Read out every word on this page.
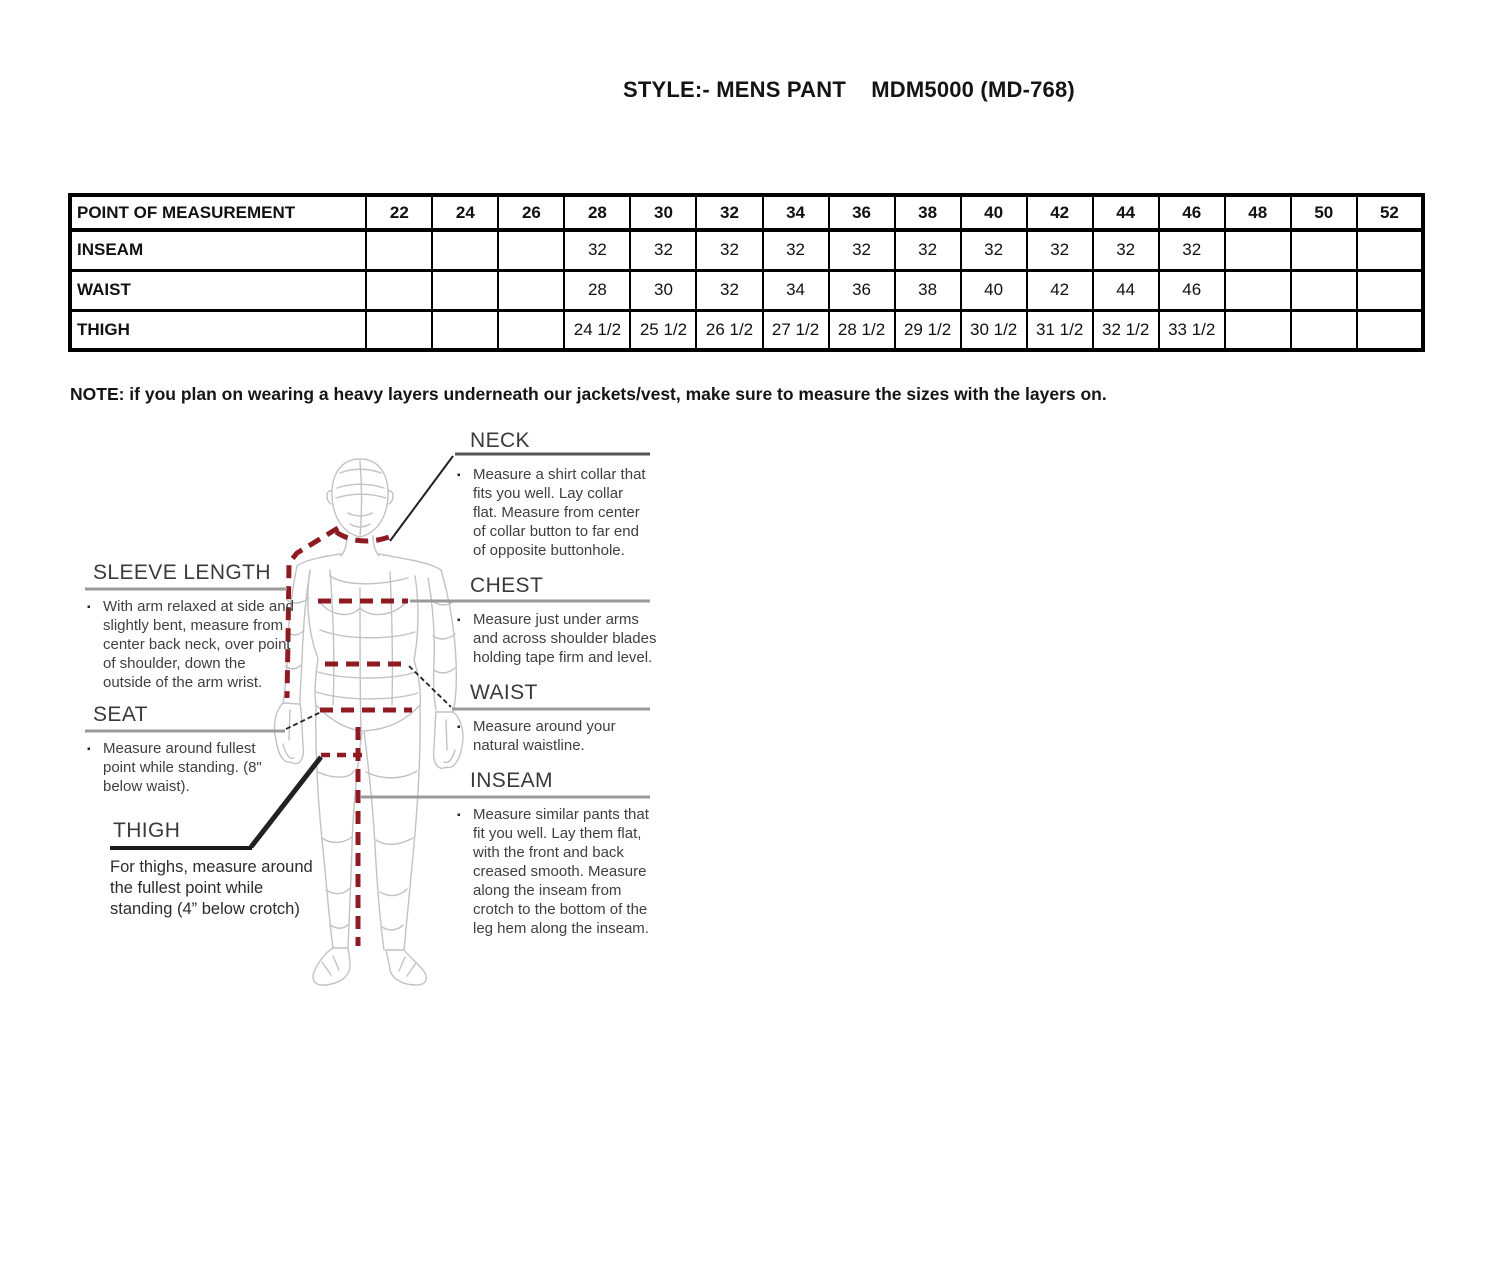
STYLE:- MENS PANT    MDM5000 (MD-768)
POINT OF MEASUREMENT	22	24	26	28	30	32	34	36	38	40	42	44	46	48	50	52
INSEAM				32	32	32	32	32	32	32	32	32	32			
WAIST				28	30	32	34	36	38	40	42	44	46			
THIGH				24 1/2	25 1/2	26 1/2	27 1/2	28 1/2	29 1/2	30 1/2	31 1/2	32 1/2	33 1/2			
NOTE: if you plan on wearing a heavy layers underneath our jackets/vest, make sure to measure the sizes with the layers on.
NECK
▪ Measure a shirt collar that fits you well. Lay collar flat. Measure from center of collar button to far end of opposite buttonhole.
SLEEVE LENGTH
▪ With arm relaxed at side and slightly bent, measure from center back neck, over point of shoulder, down the outside of the arm wrist.
CHEST
▪ Measure just under arms and across shoulder blades holding tape firm and level.
WAIST
▪ Measure around your natural waistline.
SEAT
▪ Measure around fullest point while standing. (8" below waist).	INSEAM
▪ Measure similar pants that fit you well. Lay them flat, with the front and back creased smooth. Measure along the inseam from crotch to the bottom of the leg hem along the inseam.
THIGH
For thighs, measure around the fullest point while standing (4” below crotch)
